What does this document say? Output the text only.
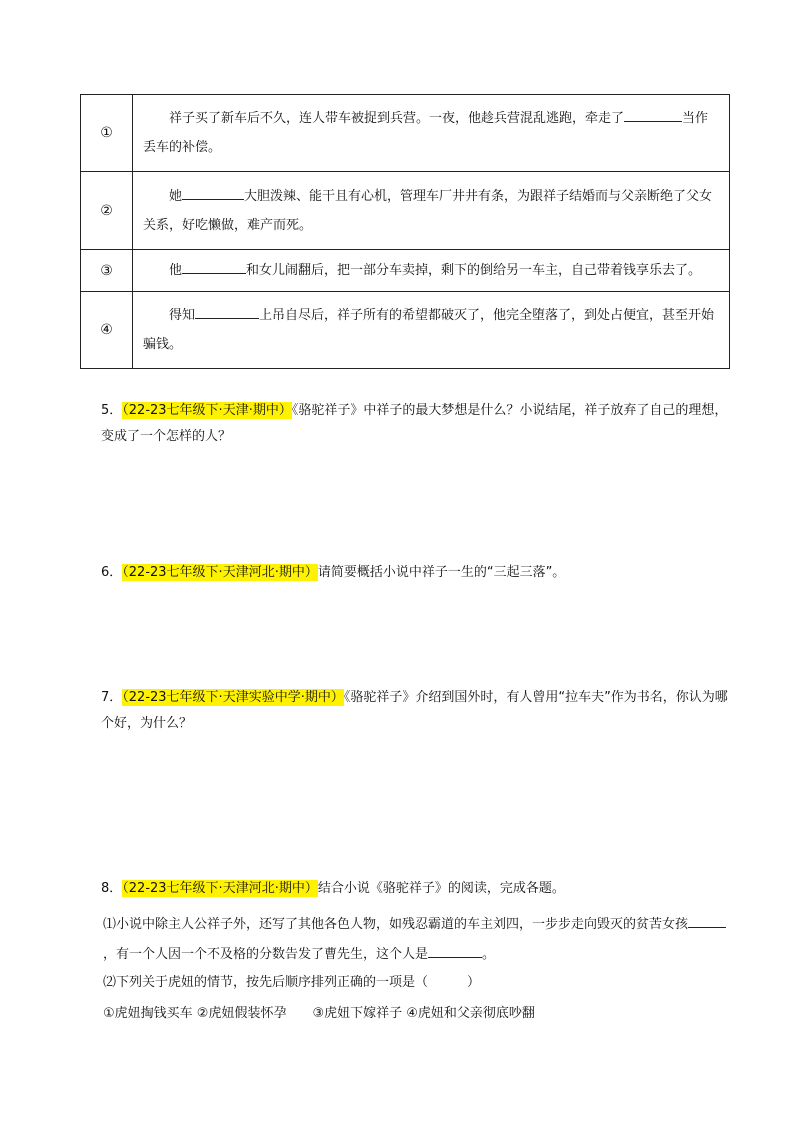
①	祥子买了新车后不久，连人带车被捉到兵营。一夜，他趁兵营混乱逃跑，牵走了 当作丢车的补偿。
②	她 大胆泼辣、能干且有心机，管理车厂井井有条，为跟祥子结婚而与父亲断绝了父女关系，好吃懒做，难产而死。
③	他 和女儿闹翻后，把一部分车卖掉，剩下的倒给另一车主，自己带着钱享乐去了。
④	得知 上吊自尽后，祥子所有的希望都破灭了，他完全堕落了，到处占便宜，甚至开始骗钱。
5．（22-23七年级下·天津·期中）《骆驼祥子》中祥子的最大梦想是什么？小说结尾，祥子放弃了自己的理想，变成了一个怎样的人？
6．（22-23七年级下·天津河北·期中）请简要概括小说中祥子一生的“三起三落”。
7．（22-23七年级下·天津实验中学·期中）《骆驼祥子》介绍到国外时，有人曾用“拉车夫”作为书名，你认为哪个好，为什么？
8．（22-23七年级下·天津河北·期中）结合小说《骆驼祥子》的阅读，完成各题。
⑴小说中除主人公祥子外，还写了其他各色人物，如残忍霸道的车主刘四，一步步走向毁灭的贫苦女孩，有一个人因一个不及格的分数告发了曹先生，这个人是	。
⑵下列关于虎妞的情节，按先后顺序排列正确的一项是（　　　）
①虎妞掏钱买车 ②虎妞假装怀孕　　③虎妞下嫁祥子 ④虎妞和父亲彻底吵翻
